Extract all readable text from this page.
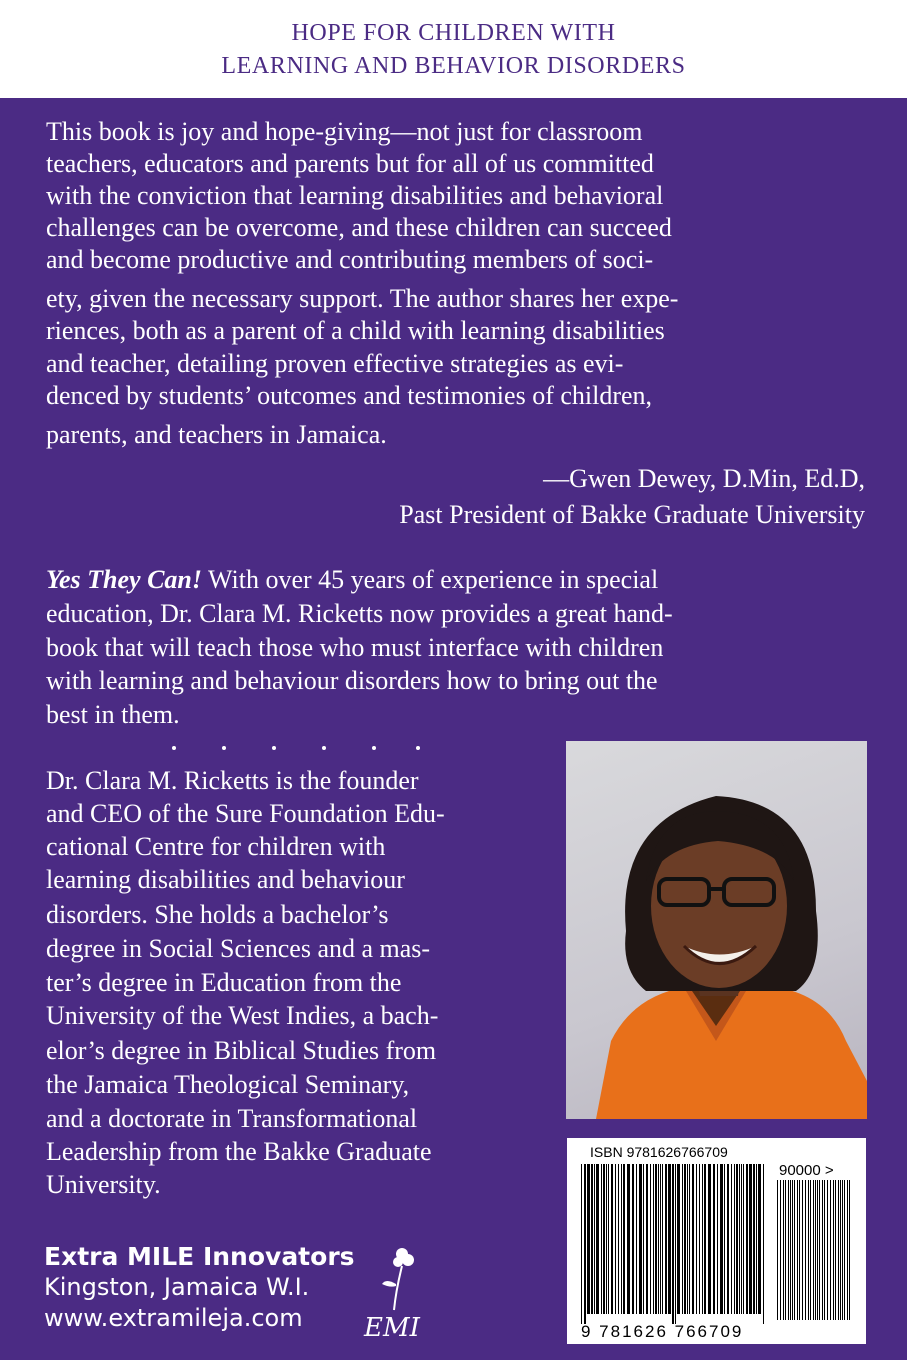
HOPE FOR CHILDREN WITH
LEARNING AND BEHAVIOR DISORDERS
This book is joy and hope-giving—not just for classroom
teachers, educators and parents but for all of us committed
with the conviction that learning disabilities and behavioral
challenges can be overcome, and these children can succeed
and become productive and contributing members of soci-
ety, given the necessary support. The author shares her expe-
riences, both as a parent of a child with learning disabilities
and teacher, detailing proven effective strategies as evi-
denced by students’ outcomes and testimonies of children,
parents, and teachers in Jamaica.
—Gwen Dewey, D.Min, Ed.D,
Past President of Bakke Graduate University
Yes They Can! With over 45 years of experience in special
education, Dr. Clara M. Ricketts now provides a great hand-
book that will teach those who must interface with children
with learning and behaviour disorders how to bring out the
best in them.
Dr. Clara M. Ricketts is the founder
and CEO of the Sure Foundation Edu-
cational Centre for children with
learning disabilities and behaviour
disorders. She holds a bachelor’s
degree in Social Sciences and a mas-
ter’s degree in Education from the
University of the West Indies, a bach-
elor’s degree in Biblical Studies from
the Jamaica Theological Seminary,
and a doctorate in Transformational
Leadership from the Bakke Graduate
University.
ISBN 9781626766709
90000 >
9 781626 766709
Extra MILE Innovators
Kingston, Jamaica W.I.
www.extramileja.com EMI
